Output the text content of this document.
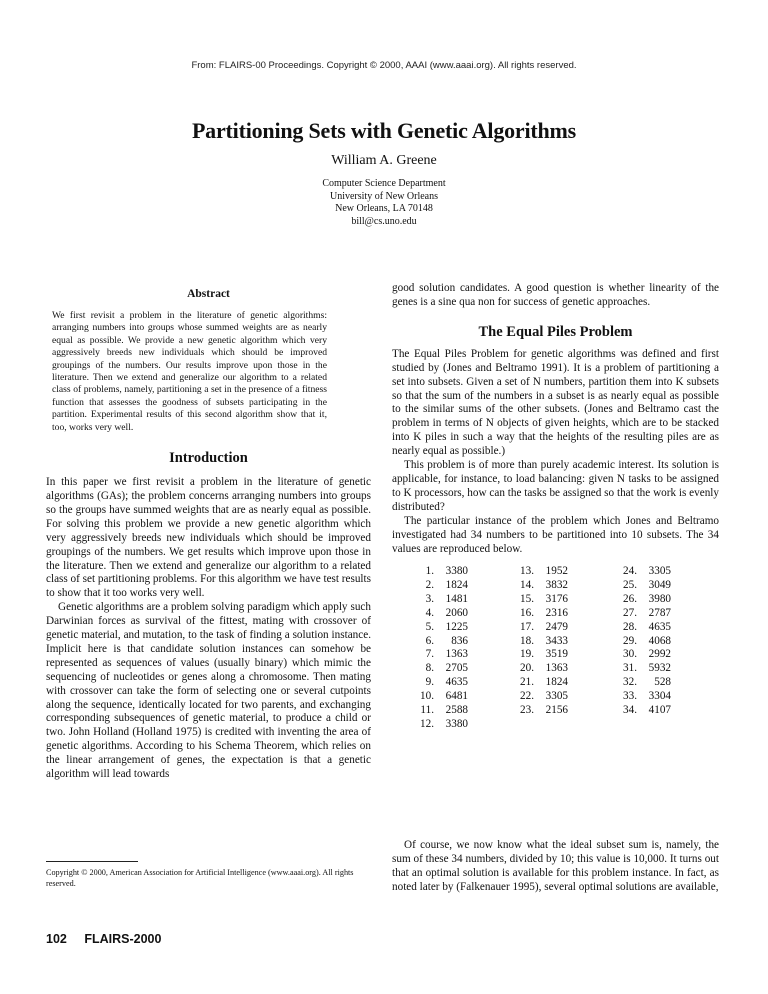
From: FLAIRS-00 Proceedings. Copyright © 2000, AAAI (www.aaai.org). All rights reserved.
Partitioning Sets with Genetic Algorithms
William A. Greene
Computer Science Department
University of New Orleans
New Orleans, LA 70148
bill@cs.uno.edu
Abstract

We first revisit a problem in the literature of genetic algorithms: arranging numbers into groups whose summed weights are as nearly equal as possible. We provide a new genetic algorithm which very aggressively breeds new individuals which should be improved groupings of the numbers. Our results improve upon those in the literature. Then we extend and generalize our algorithm to a related class of problems, namely, partitioning a set in the presence of a fitness function that assesses the goodness of subsets participating in the partition. Experimental results of this second algorithm show that it, too, works very well.

Introduction

In this paper we first revisit a problem in the literature of genetic algorithms (GAs); the problem concerns arranging numbers into groups so the groups have summed weights that are as nearly equal as possible. For solving this problem we provide a new genetic algorithm which very aggressively breeds new individuals which should be improved groupings of the numbers. We get results which improve upon those in the literature. Then we extend and generalize our algorithm to a related class of set partitioning problems. For this algorithm we have test results to show that it too works very well.

Genetic algorithms are a problem solving paradigm which apply such Darwinian forces as survival of the fittest, mating with crossover of genetic material, and mutation, to the task of finding a solution instance. Implicit here is that candidate solution instances can somehow be represented as sequences of values (usually binary) which mimic the sequencing of nucleotides or genes along a chromosome. Then mating with crossover can take the form of selecting one or several cutpoints along the sequence, identically located for two parents, and exchanging corresponding subsequences of genetic material, to produce a child or two. John Holland (Holland 1975) is credited with inventing the area of genetic algorithms. According to his Schema Theorem, which relies on the linear arrangement of genes, the expectation is that a genetic algorithm will lead towards

good solution candidates. A good question is whether linearity of the genes is a sine qua non for success of genetic approaches.

The Equal Piles Problem

The Equal Piles Problem for genetic algorithms was defined and first studied by (Jones and Beltramo 1991). It is a problem of partitioning a set into subsets. Given a set of N numbers, partition them into K subsets so that the sum of the numbers in a subset is as nearly equal as possible to the similar sums of the other subsets. (Jones and Beltramo cast the problem in terms of N objects of given heights, which are to be stacked into K piles in such a way that the heights of the resulting piles are as nearly equal as possible.)

This problem is of more than purely academic interest. Its solution is applicable, for instance, to load balancing: given N tasks to be assigned to K processors, how can the tasks be assigned so that the work is evenly distributed?

The particular instance of the problem which Jones and Beltramo investigated had 34 numbers to be partitioned into 10 subsets. The 34 values are reproduced below.

1.	3380
2.	1824
3.	1481
4.	2060
5.	1225
6.	836
7.	1363
8.	2705
9.	4635
10.	6481
11.	2588
12.	3380
13.	1952
14.	3832
15.	3176
16.	2316
17.	2479
18.	3433
19.	3519
20.	1363
21.	1824
22.	3305
23.	2156
24.	3305
25.	3049
26.	3980
27.	2787
28.	4635
29.	4068
30.	2992
31.	5932
32.	528
33.	3304
34.	4107

Of course, we now know what the ideal subset sum is, namely, the sum of these 34 numbers, divided by 10; this value is 10,000. It turns out that an optimal solution is available for this problem instance. In fact, as noted later by (Falkenauer 1995), several optimal solutions are available,

Copyright © 2000, American Association for Artificial Intelligence (www.aaai.org). All rights reserved.
102 FLAIRS-2000
